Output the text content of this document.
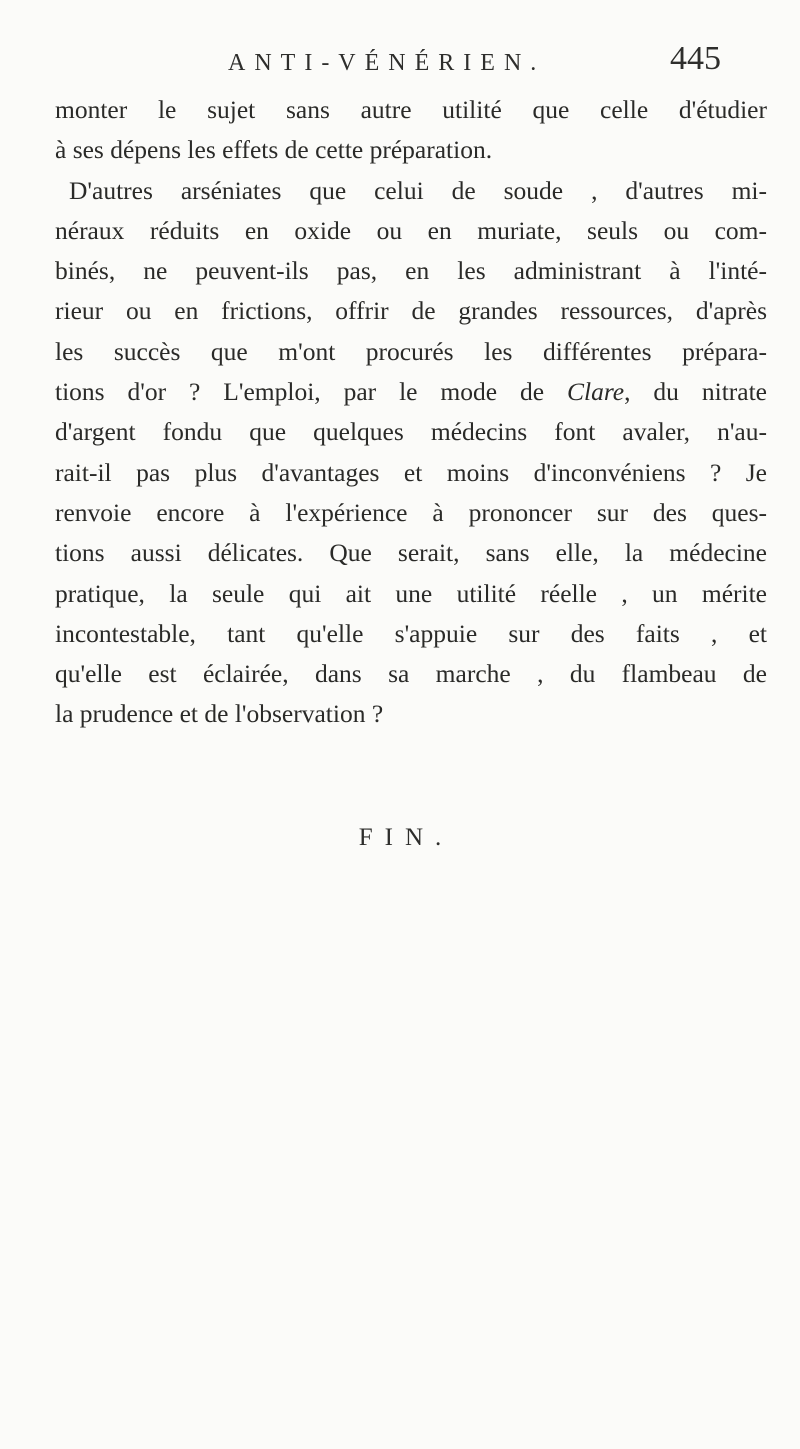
ANTI-VÉNÉRIEN.	445
monter le sujet sans autre utilité que celle d'étudier
à ses dépens les effets de cette préparation.
D'autres arséniates que celui de soude , d'autres mi-
néraux réduits en oxide ou en muriate, seuls ou com-
binés, ne peuvent-ils pas, en les administrant à l'inté-
rieur ou en frictions, offrir de grandes ressources, d'après
les succès que m'ont procurés les différentes prépara-
tions d'or ? L'emploi, par le mode de Clare, du nitrate
d'argent fondu que quelques médecins font avaler, n'au-
rait-il pas plus d'avantages et moins d'inconvéniens ? Je
renvoie encore à l'expérience à prononcer sur des ques-
tions aussi délicates. Que serait, sans elle, la médecine
pratique, la seule qui ait une utilité réelle , un mérite
incontestable, tant qu'elle s'appuie sur des faits , et
qu'elle est éclairée, dans sa marche , du flambeau de
la prudence et de l'observation ?
FIN.
